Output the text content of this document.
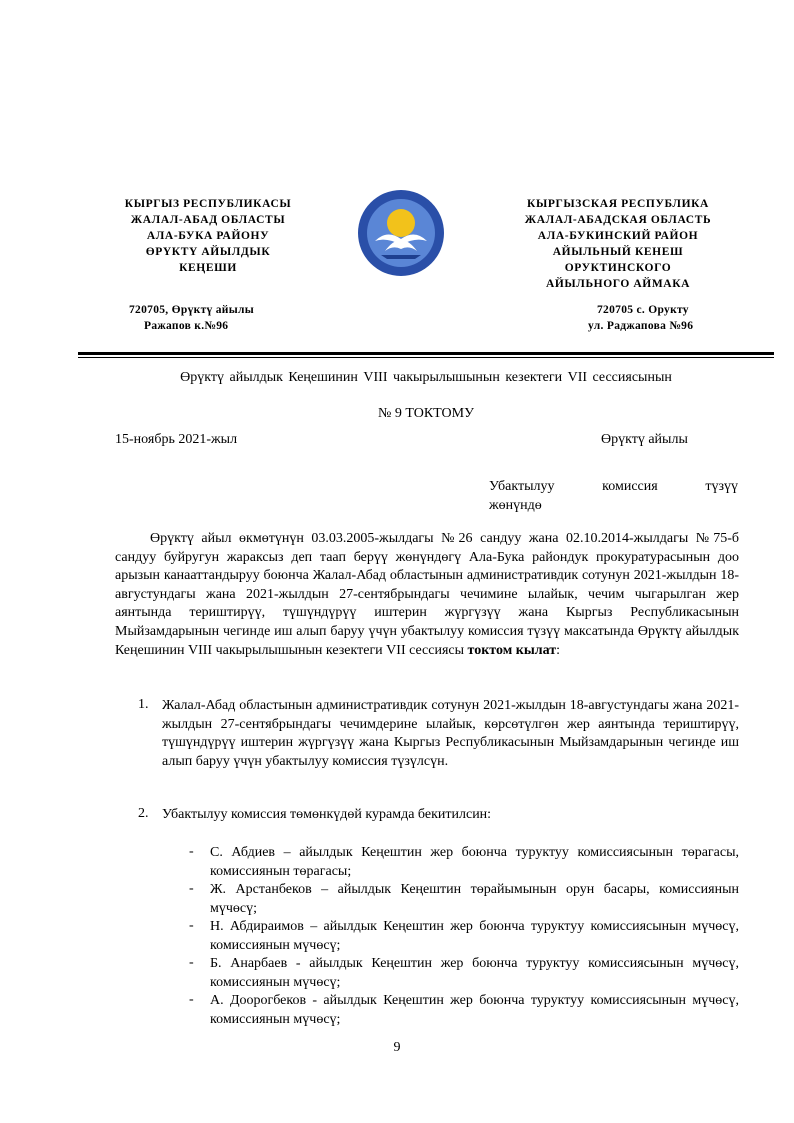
КЫРГЫЗ РЕСПУБЛИКАСЫ
ЖАЛАЛ-АБАД ОБЛАСТЫ
АЛА-БУКА РАЙОНУ
ӨРҮКТҮ АЙЫЛДЫК
КЕҢЕШИ
КЫРГЫЗСКАЯ РЕСПУБЛИКА
ЖАЛАЛ-АБАДСКАЯ ОБЛАСТЬ
АЛА-БУКИНСКИЙ РАЙОН
АЙЫЛЬНЫЙ КЕНЕШ
ОРУКТИНСКОГО
АЙЫЛЬНОГО АЙМАКА
720705, Өрүктү айылы
Ражапов к.№96
720705 с. Орукту
ул. Раджапова №96
Өрүктү айылдык Кеңешинин VIII чакырылышынын кезектеги VII сессиясынын
№ 9 ТОКТОМУ
15-ноябрь 2021-жыл	Өрүктү айылы
Убактылуу комиссия түзүү жөнүндө

Өрүктү айыл өкмөтүнүн 03.03.2005-жылдагы №26 сандуу жана 02.10.2014-жылдагы №75-б сандуу буйругун жараксыз деп таап берүү жөнүндөгү Ала-Бука райондук прокуратурасынын доо арызын канааттандыруу боюнча Жалал-Абад областынын административдик сотунун 2021-жылдын 18-августундагы жана 2021-жылдын 27-сентябрындагы чечимине ылайык, чечим чыгарылган жер аянтында териштирүү, түшүндүрүү иштерин жүргүзүү жана Кыргыз Республикасынын Мыйзамдарынын чегинде иш алып баруу үчүн убактылуу комиссия түзүү максатында Өрүктү айылдык Кеңешинин VIII чакырылышынын кезектеги VII сессиясы токтом кылат:

1. Жалал-Абад областынын административдик сотунун 2021-жылдын 18-августундагы жана 2021-жылдын 27-сентябрындагы чечимдерине ылайык, көрсөтүлгөн жер аянтында териштирүү, түшүндүрүү иштерин жүргүзүү жана Кыргыз Республикасынын Мыйзамдарынын чегинде иш алып баруу үчүн убактылуу комиссия түзүлсүн.
2. Убактылуу комиссия төмөнкүдөй курамда бекитилсин:
- С. Абдиев – айылдык Кеңештин жер боюнча туруктуу комиссиясынын төрагасы, комиссиянын төрагасы;
- Ж. Арстанбеков – айылдык Кеңештин төрайымынын орун басары, комиссиянын мүчөсү;
- Н. Абдираимов – айылдык Кеңештин жер боюнча туруктуу комиссиясынын мүчөсү, комиссиянын мүчөсү;
- Б. Анарбаев - айылдык Кеңештин жер боюнча туруктуу комиссиясынын мүчөсү, комиссиянын мүчөсү;
- А. Доорогбеков - айылдык Кеңештин жер боюнча туруктуу комиссиясынын мүчөсү, комиссиянын мүчөсү;
9
